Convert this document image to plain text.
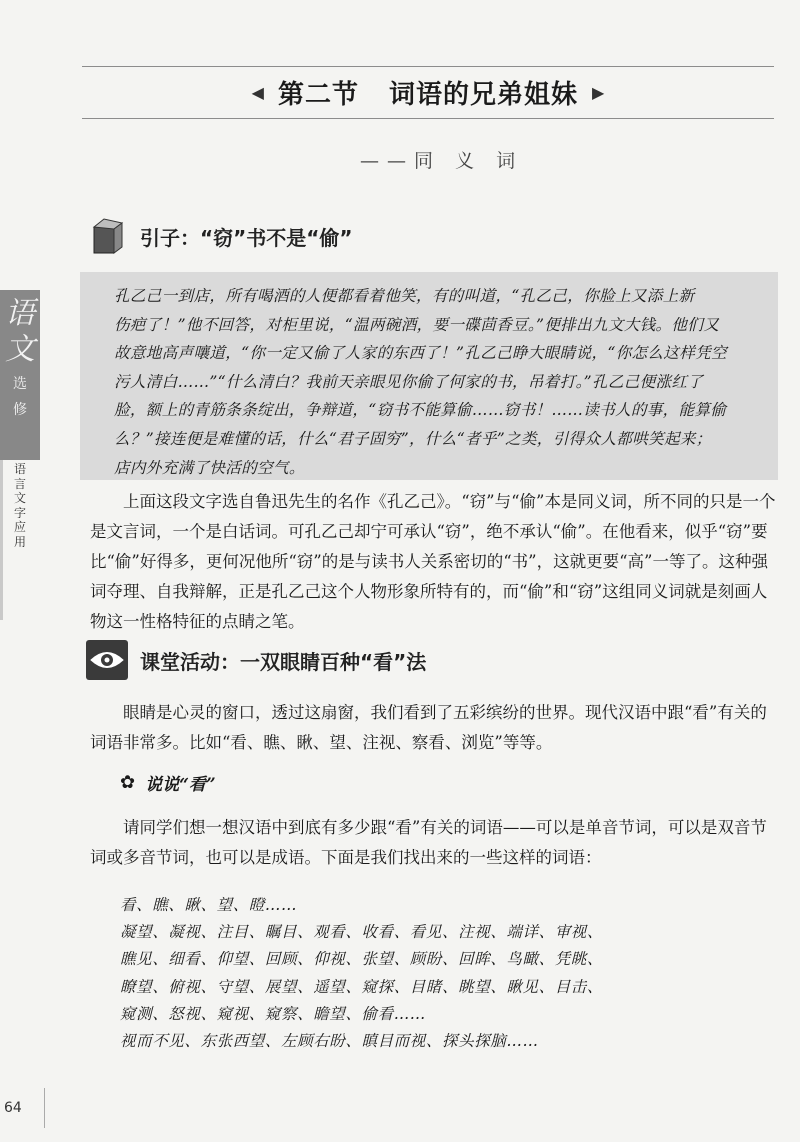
◀ 第二节 词语的兄弟姐妹 ▶
——同 义 词
引子：“窃”书不是“偷”

孔乙己一到店，所有喝酒的人便都看着他笑，有的叫道，“孔乙己，你脸上又添上新

伤疤了！”他不回答，对柜里说，“温两碗酒，要一碟茴香豆。”便排出九文大钱。他们又

故意地高声嚷道，“你一定又偷了人家的东西了！”孔乙己睁大眼睛说，“你怎么这样凭空

污人清白……”“什么清白？我前天亲眼见你偷了何家的书，吊着打。”孔乙己便涨红了

脸，额上的青筋条条绽出，争辩道，“窃书不能算偷……窃书！……读书人的事，能算偷

么？”接连便是难懂的话，什么“君子固穷”，什么“者乎”之类，引得众人都哄笑起来；

店内外充满了快活的空气。

上面这段文字选自鲁迅先生的名作《孔乙己》。“窃”与“偷”本是同义词，所不同的只是一个是文言词，一个是白话词。可孔乙己却宁可承认“窃”，绝不承认“偷”。在他看来，似乎“窃”要比“偷”好得多，更何况他所“窃”的是与读书人关系密切的“书”，这就更要“高”一等了。这种强词夺理、自我辩解，正是孔乙己这个人物形象所特有的，而“偷”和“窃”这组同义词就是刻画人物这一性格特征的点睛之笔。

课堂活动：一双眼睛百种“看”法

眼睛是心灵的窗口，透过这扇窗，我们看到了五彩缤纷的世界。现代汉语中跟“看”有关的词语非常多。比如“看、瞧、瞅、望、注视、察看、浏览”等等。

✿ 说说“看”

请同学们想一想汉语中到底有多少跟“看”有关的词语——可以是单音节词，可以是双音节词或多音节词，也可以是成语。下面是我们找出来的一些这样的词语：

看、瞧、瞅、望、瞪……
凝望、凝视、注目、瞩目、观看、收看、看见、注视、端详、审视、
瞧见、细看、仰望、回顾、仰视、张望、顾盼、回眸、鸟瞰、凭眺、
瞭望、俯视、守望、展望、遥望、窥探、目睹、眺望、瞅见、目击、
窥测、怒视、窥视、窥察、瞻望、偷看……
视而不见、东张西望、左顾右盼、瞋目而视、探头探脑……
语
文
选
修
语
言
文
字
应
用
64
